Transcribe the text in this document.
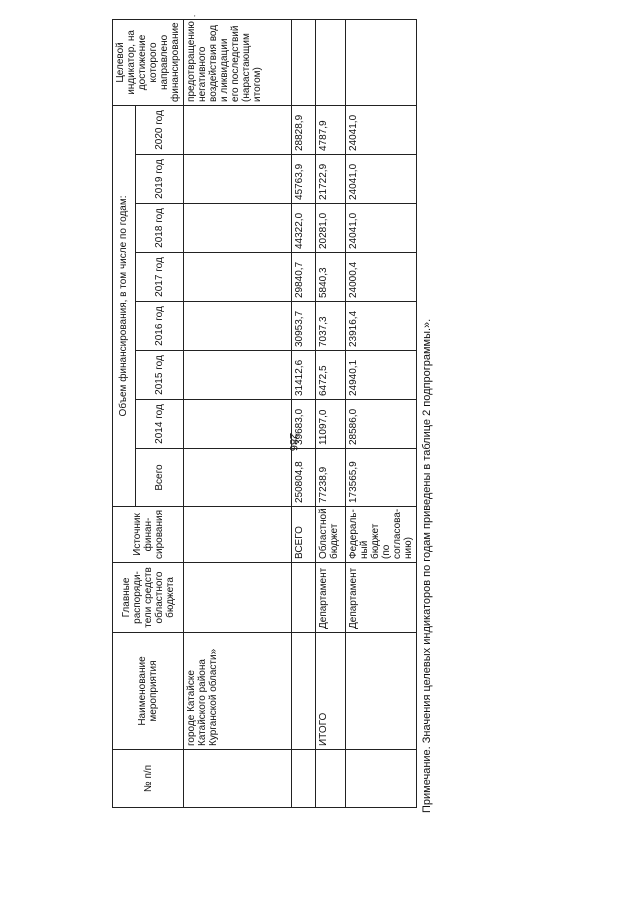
'
286
№ п/п	Наименование мероприятия	Главные распоряди-тели средств областного бюджета	Источник финан-сирования	Объем финансирования, в том числе по годам:								Целевой индикатор, на достижение которого направлено финансирование
				Всего	2014 год	2015 год	2016 год	2017 год	2018 год	2019 год	2020 год	
	городе Катайске Катайского района Курганской области»											предотвращению негативного воздействия вод и ликвидации его последствий (нарастающим итогом)
			ВСЕГО	250804,8	39683,0	31412,6	30953,7	29840,7	44322,0	45763,9	28828,9	
	ИТОГО	Департамент	Областной бюджет	77238,9	11097,0	6472,5	7037,3	5840,3	20281,0	21722,9	4787,9	
		Департамент	Федераль-ный бюджет (по согласова-нию)	173565,9	28586,0	24940,1	23916,4	24000,4	24041,0	24041,0	24041,0	
Примечание. Значения целевых индикаторов по годам приведены в таблице 2 подпрограммы.».
